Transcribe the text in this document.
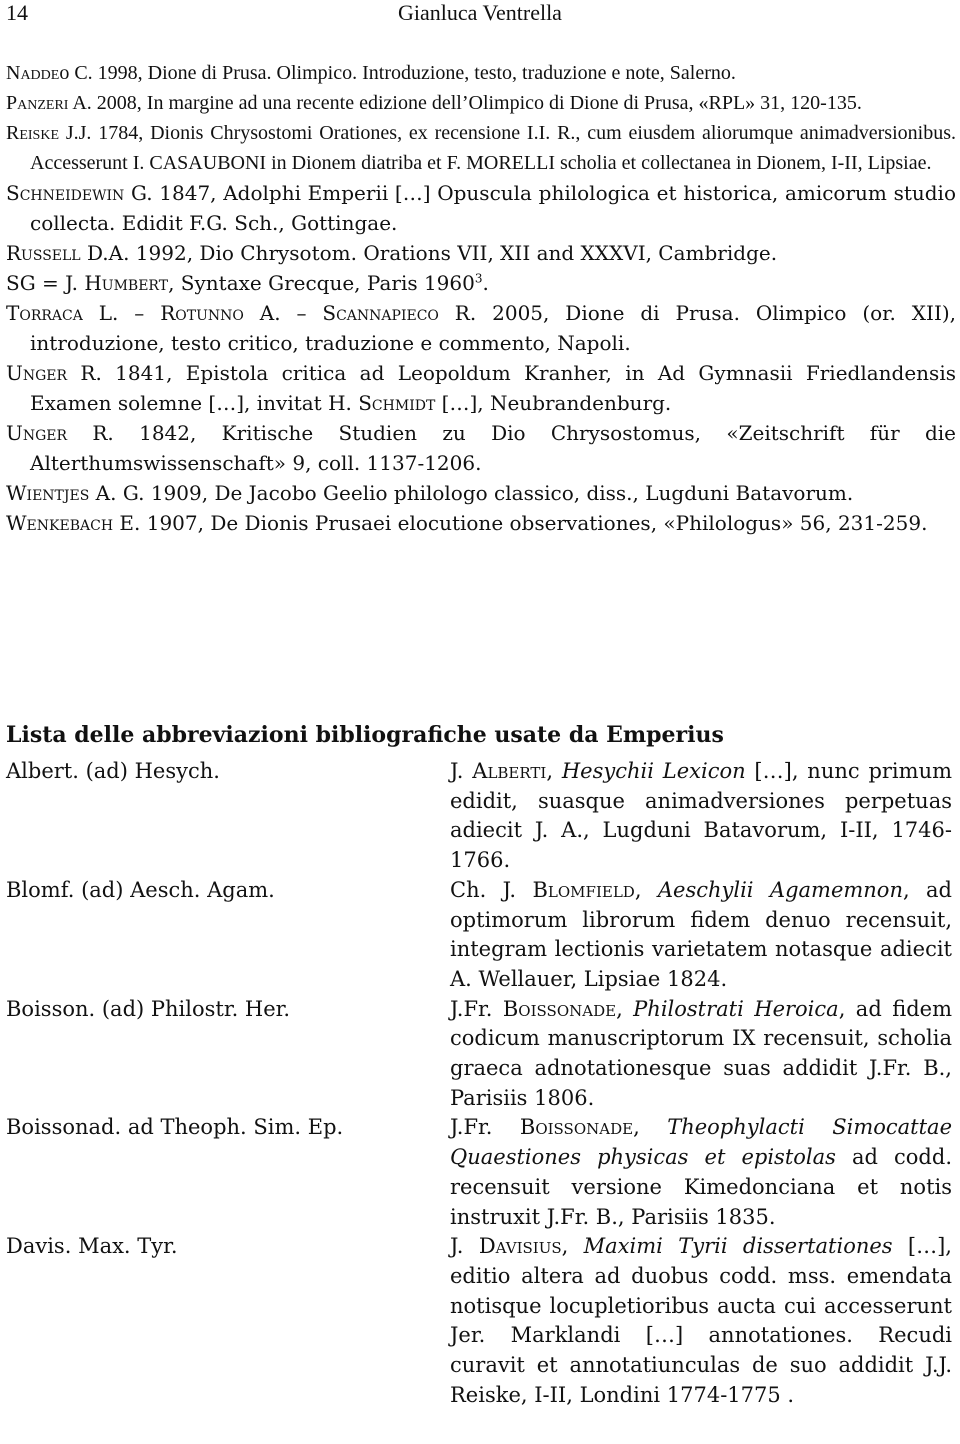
14	Gianluca Ventrella

Naddeo C. 1998, Dione di Prusa. Olimpico. Introduzione, testo, traduzione e note, Salerno.

Panzeri A. 2008, In margine ad una recente edizione dell’Olimpico di Dione di Prusa, «RPL» 31, 120-135.

Reiske J.J. 1784, Dionis Chrysostomi Orationes, ex recensione I.I. R., cum eiusdem aliorumque animadversionibus. Accesserunt I. CASAUBONI in Dionem diatriba et F. MORELLI scholia et collectanea in Dionem, I-II, Lipsiae.

Schneidewin G. 1847, Adolphi Emperii […] Opuscula philologica et historica, amicorum studio collecta. Edidit F.G. Sch., Gottingae.

Russell D.A. 1992, Dio Chrysotom. Orations VII, XII and XXXVI, Cambridge.

SG = J. Humbert, Syntaxe Grecque, Paris 1960$^3$.

Torraca L. – Rotunno A. – Scannapieco R. 2005, Dione di Prusa. Olimpico (or. XII), introduzione, testo critico, traduzione e commento, Napoli.

Unger R. 1841, Epistola critica ad Leopoldum Kranher, in Ad Gymnasii Friedlandensis Examen solemne […], invitat H. Schmidt […], Neubrandenburg.

Unger R. 1842, Kritische Studien zu Dio Chrysostomus, «Zeitschrift für die Alterthumswissenschaft» 9, coll. 1137-1206.

Wientjes A. G. 1909, De Jacobo Geelio philologo classico, diss., Lugduni Batavorum.

Wenkebach E. 1907, De Dionis Prusaei elocutione observationes, «Philologus» 56, 231-259.

Lista delle abbreviazioni bibliografiche usate da Emperius
Albert. (ad) Hesych.	J. Alberti, Hesychii Lexicon […], nunc primum edidit, suasque animadversiones perpetuas adiecit J. A., Lugduni Batavorum, I-II, 1746-1766.
Blomf. (ad) Aesch. Agam.	Ch. J. Blomfield, Aeschylii Agamemnon, ad optimorum librorum fidem denuo recensuit, integram lectionis varietatem notasque adiecit A. Wellauer, Lipsiae 1824.
Boisson. (ad) Philostr. Her.	J.Fr. Boissonade, Philostrati Heroica, ad fidem codicum manuscriptorum IX recensuit, scholia graeca adnotationesque suas addidit J.Fr. B., Parisiis 1806.
Boissonad. ad Theoph. Sim. Ep.	J.Fr. Boissonade, Theophylacti Simocattae Quaestiones physicas et epistolas ad codd. recensuit versione Kimedonciana et notis instruxit J.Fr. B., Parisiis 1835.
Davis. Max. Tyr.	J. Davisius, Maximi Tyrii dissertationes […], editio altera ad duobus codd. mss. emendata notisque locupletioribus aucta cui accesserunt Jer. Marklandi […] annotationes. Recudi curavit et annotatiunculas de suo addidit J.J. Reiske, I-II, Londini 1774-1775 .
